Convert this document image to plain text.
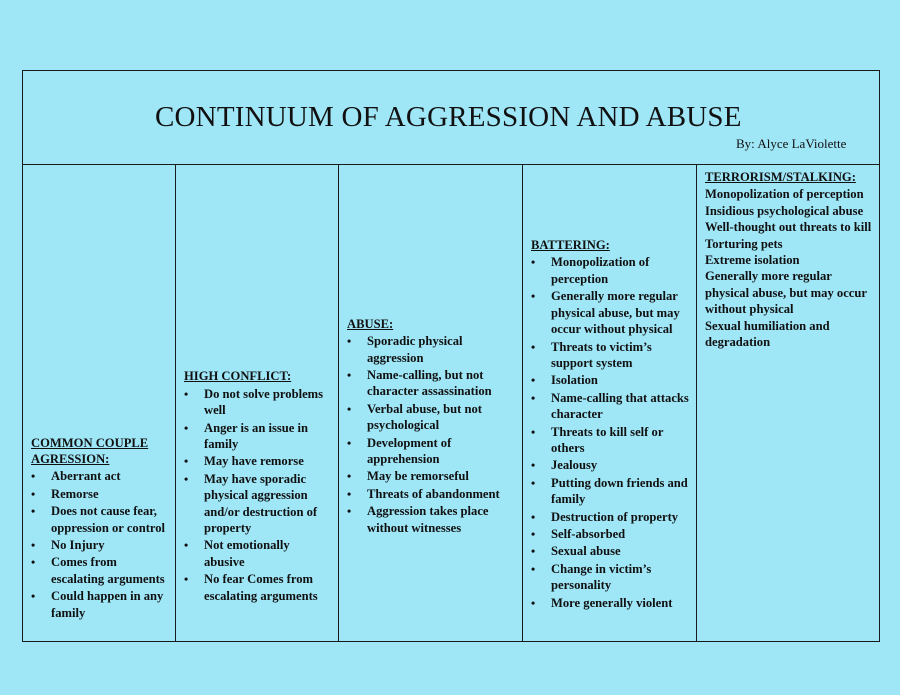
CONTINUUM OF AGGRESSION AND ABUSE
By: Alyce LaViolette
COMMON COUPLE
AGRESSION:
• Aberrant act
• Remorse
• Does not cause fear, oppression or control
• No Injury
• Comes from escalating arguments
• Could happen in any family
HIGH CONFLICT:
• Do not solve problems well
• Anger is an issue in family
• May have remorse
• May have sporadic physical aggression and/or destruction of property
• Not emotionally abusive
• No fear Comes from escalating arguments
ABUSE:
• Sporadic physical aggression
• Name-calling, but not character assassination
• Verbal abuse, but not psychological
• Development of apprehension
• May be remorseful
• Threats of abandonment
• Aggression takes place without witnesses
BATTERING:
• Monopolization of perception
• Generally more regular physical abuse, but may occur without physical
• Threats to victim’s support system
• Isolation
• Name-calling that attacks character
• Threats to kill self or others
• Jealousy
• Putting down friends and family
• Destruction of property
• Self-absorbed
• Sexual abuse
• Change in victim’s personality
• More generally violent
TERRORISM/STALKING:
Monopolization of perception
Insidious psychological abuse
Well-thought out threats to kill
Torturing pets
Extreme isolation
Generally more regular physical abuse, but may occur without physical
Sexual humiliation and degradation
